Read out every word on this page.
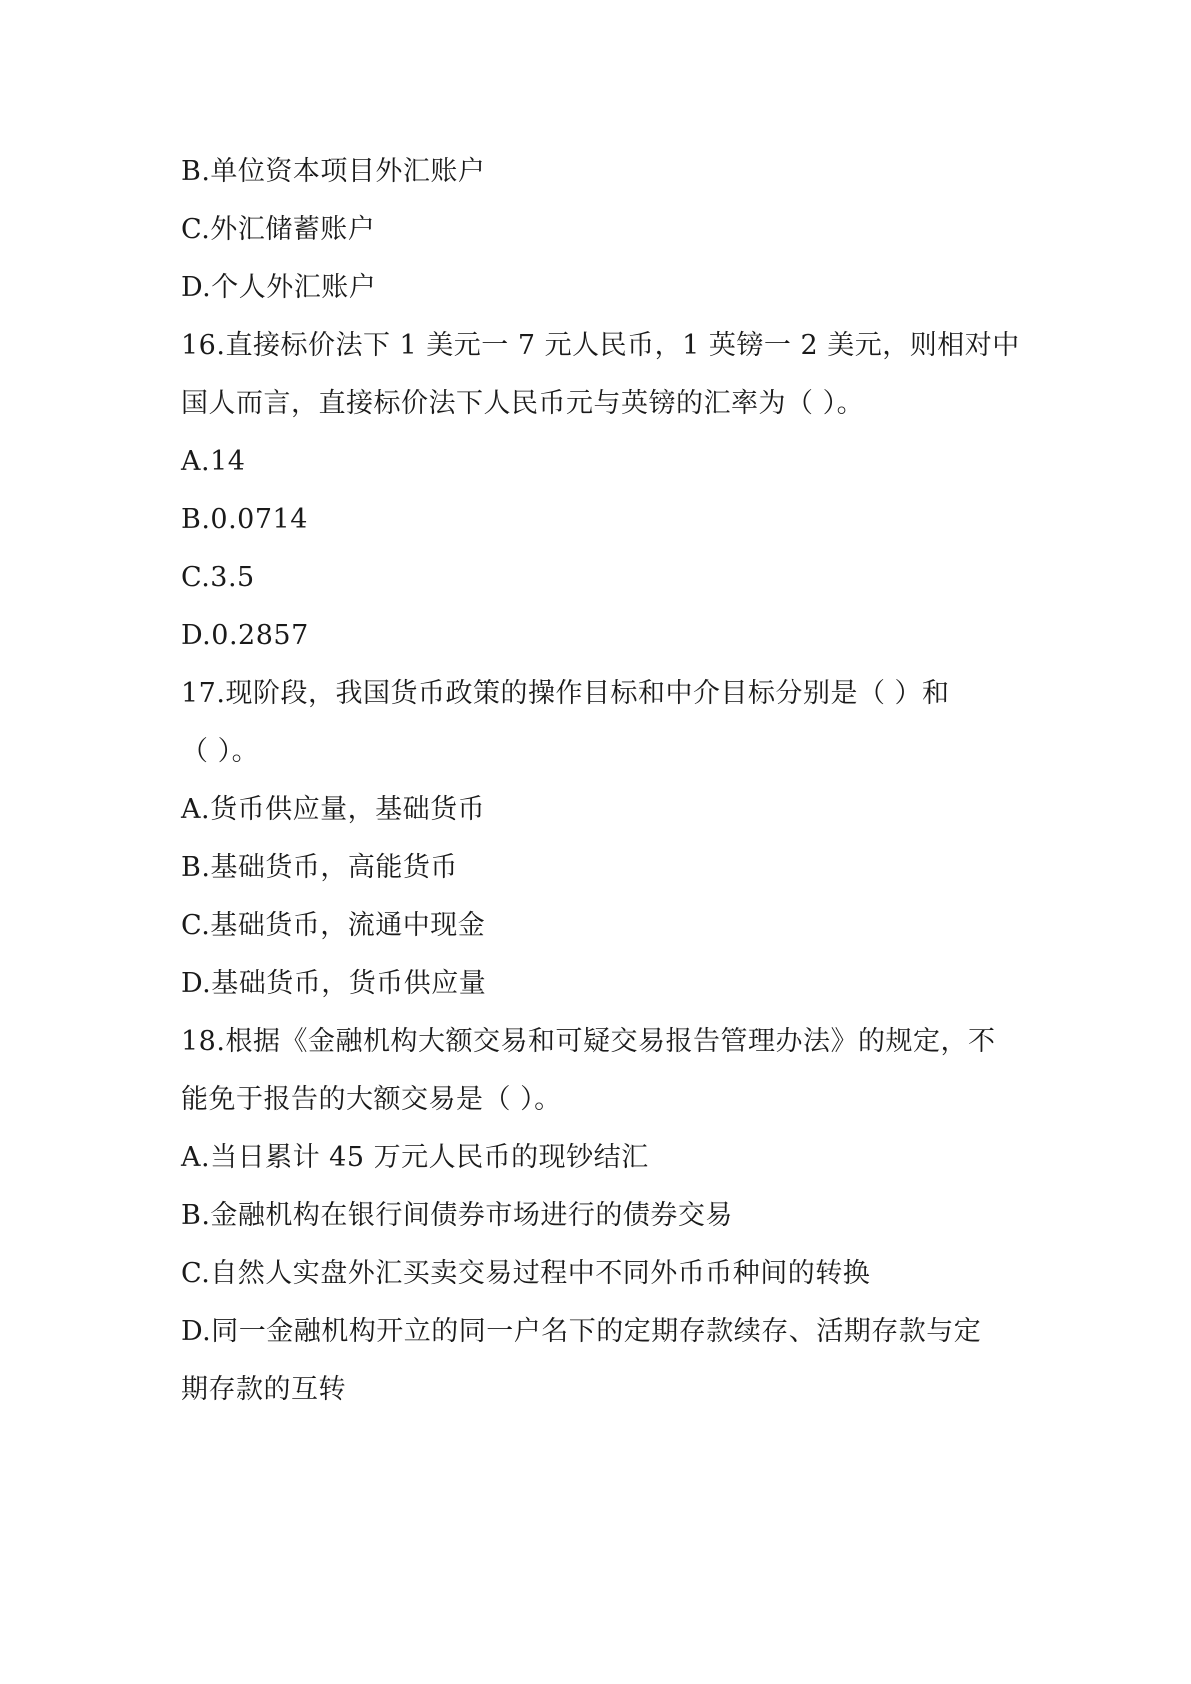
B.单位资本项目外汇账户
C.外汇储蓄账户
D.个人外汇账户
16.直接标价法下 1 美元一 7 元人民币，1 英镑一 2 美元，则相对中
国人而言，直接标价法下人民币元与英镑的汇率为（ ）。
A.14
B.0.0714
C.3.5
D.0.2857
17.现阶段，我国货币政策的操作目标和中介目标分别是（ ）和
（ ）。
A.货币供应量，基础货币
B.基础货币，高能货币
C.基础货币，流通中现金
D.基础货币，货币供应量
18.根据《金融机构大额交易和可疑交易报告管理办法》的规定，不
能免于报告的大额交易是（ ）。
A.当日累计 45 万元人民币的现钞结汇
B.金融机构在银行间债券市场进行的债券交易
C.自然人实盘外汇买卖交易过程中不同外币币种间的转换
D.同一金融机构开立的同一户名下的定期存款续存、活期存款与定
期存款的互转
